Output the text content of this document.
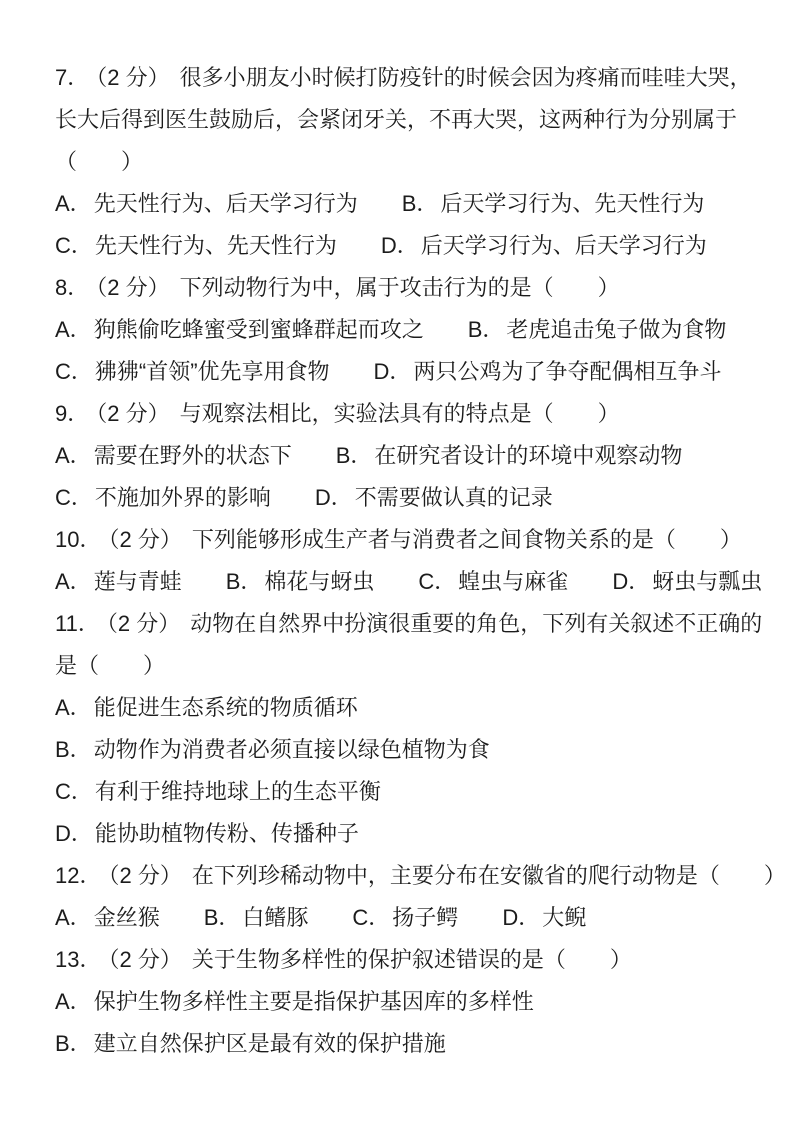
7． （2 分） 很多小朋友小时候打防疫针的时候会因为疼痛而哇哇大哭，
长大后得到医生鼓励后，会紧闭牙关，不再大哭，这两种行为分别属于
（　　）
A．先天性行为、后天学习行为 B．后天学习行为、先天性行为
C．先天性行为、先天性行为 D．后天学习行为、后天学习行为
8． （2 分） 下列动物行为中，属于攻击行为的是（　　）
A．狗熊偷吃蜂蜜受到蜜蜂群起而攻之 B．老虎追击兔子做为食物
C．狒狒“首领”优先享用食物 D．两只公鸡为了争夺配偶相互争斗
9． （2 分） 与观察法相比，实验法具有的特点是（　　）
A．需要在野外的状态下 B．在研究者设计的环境中观察动物
C．不施加外界的影响 D．不需要做认真的记录
10． （2 分） 下列能够形成生产者与消费者之间食物关系的是（　　）
A．莲与青蛙 B．棉花与蚜虫 C．蝗虫与麻雀 D．蚜虫与瓢虫
11． （2 分） 动物在自然界中扮演很重要的角色，下列有关叙述不正确的
是（　　）
A．能促进生态系统的物质循环
B．动物作为消费者必须直接以绿色植物为食
C．有利于维持地球上的生态平衡
D．能协助植物传粉、传播种子
12． （2 分） 在下列珍稀动物中，主要分布在安徽省的爬行动物是（　　）
A．金丝猴 B．白鳍豚 C．扬子鳄 D．大鲵
13． （2 分） 关于生物多样性的保护叙述错误的是（　　）
A．保护生物多样性主要是指保护基因库的多样性
B．建立自然保护区是最有效的保护措施
